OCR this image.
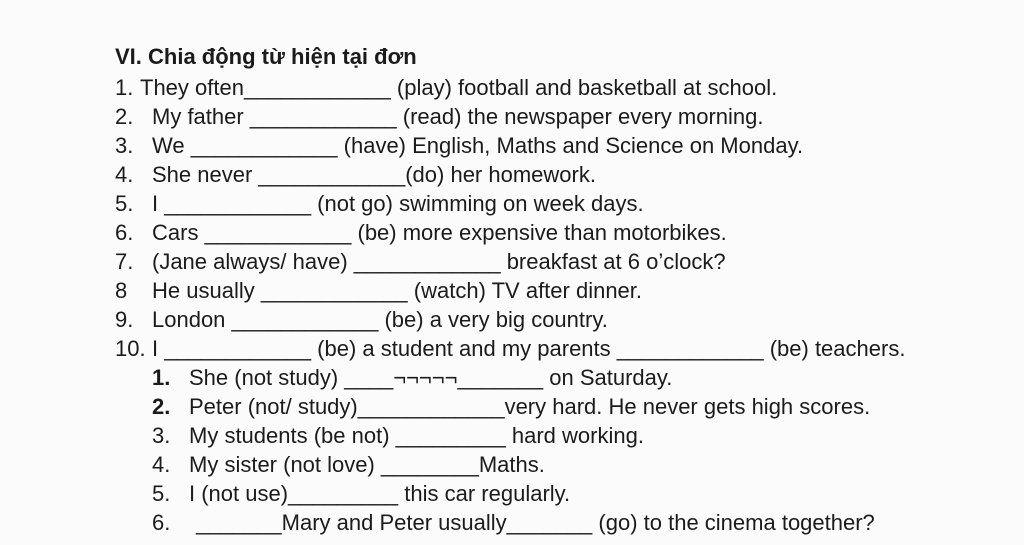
VI. Chia động từ hiện tại đơn
1. They often____________ (play) football and basketball at school.
2. My father ____________ (read) the newspaper every morning.
3. We ____________ (have) English, Maths and Science on Monday.
4. She never ____________(do) her homework.
5. I ____________ (not go) swimming on week days.
6. Cars ____________ (be) more expensive than motorbikes.
7. (Jane always/ have) ____________ breakfast at 6 o’clock?
8 He usually ____________ (watch) TV after dinner.
9. London ____________ (be) a very big country.
10. I ____________ (be) a student and my parents ____________ (be) teachers.
1. She (not study) ____¬¬¬¬¬_______ on Saturday.
2. Peter (not/ study)____________very hard. He never gets high scores.
3. My students (be not) _________ hard working.
4. My sister (not love) ________Maths.
5. I (not use)_________ this car regularly.
6. _______Mary and Peter usually_______ (go) to the cinema together?
